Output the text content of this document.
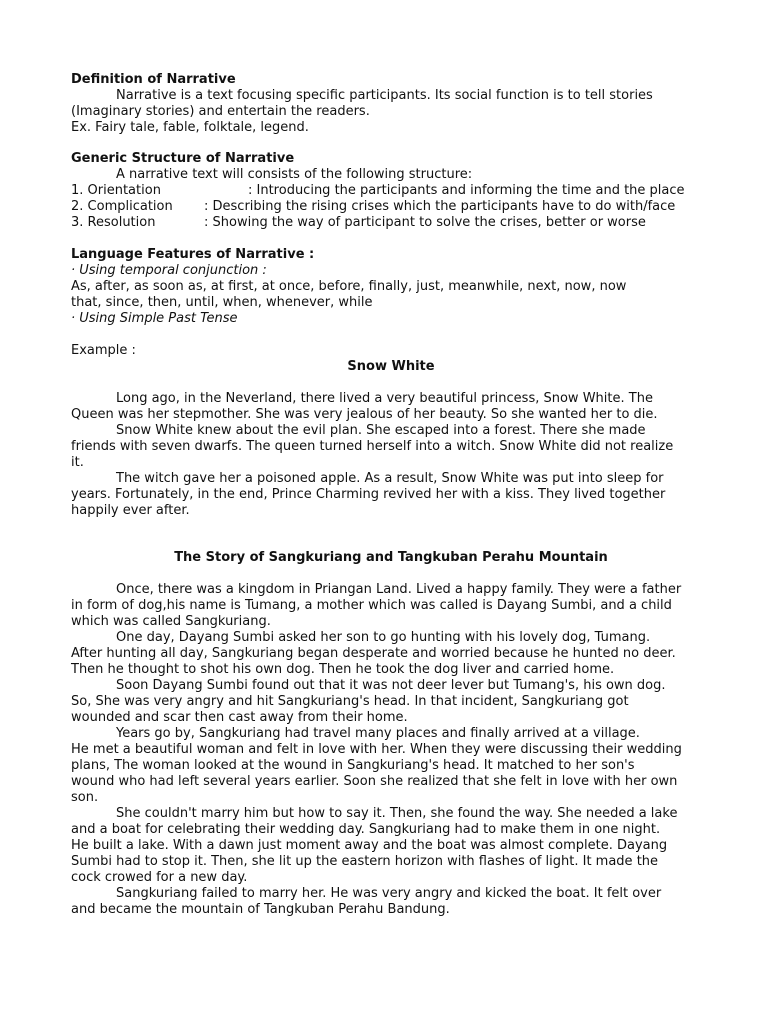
Definition of Narrative
Narrative is a text focusing specific participants. Its social function is to tell stories
(Imaginary stories) and entertain the readers.
Ex. Fairy tale, fable, folktale, legend.
Generic Structure of Narrative
A narrative text will consists of the following structure:
1. Orientation	: Introducing the participants and informing the time and the place
2. Complication : Describing the rising crises which the participants have to do with/face
3. Resolution	: Showing the way of participant to solve the crises, better or worse
Language Features of Narrative :
· Using temporal conjunction :
As, after, as soon as, at first, at once, before, finally, just, meanwhile, next, now, now
that, since, then, until, when, whenever, while
· Using Simple Past Tense
Example :
Snow White
Long ago, in the Neverland, there lived a very beautiful princess, Snow White. The
Queen was her stepmother. She was very jealous of her beauty. So she wanted her to die.
Snow White knew about the evil plan. She escaped into a forest. There she made
friends with seven dwarfs. The queen turned herself into a witch. Snow White did not realize
it.
The witch gave her a poisoned apple. As a result, Snow White was put into sleep for
years. Fortunately, in the end, Prince Charming revived her with a kiss. They lived together
happily ever after.
The Story of Sangkuriang and Tangkuban Perahu Mountain
Once, there was a kingdom in Priangan Land. Lived a happy family. They were a father
in form of dog,his name is Tumang, a mother which was called is Dayang Sumbi, and a child
which was called Sangkuriang.
One day, Dayang Sumbi asked her son to go hunting with his lovely dog, Tumang.
After hunting all day, Sangkuriang began desperate and worried because he hunted no deer.
Then he thought to shot his own dog. Then he took the dog liver and carried home.
Soon Dayang Sumbi found out that it was not deer lever but Tumang's, his own dog.
So, She was very angry and hit Sangkuriang's head. In that incident, Sangkuriang got
wounded and scar then cast away from their home.
Years go by, Sangkuriang had travel many places and finally arrived at a village.
He met a beautiful woman and felt in love with her. When they were discussing their wedding
plans, The woman looked at the wound in Sangkuriang's head. It matched to her son's
wound who had left several years earlier. Soon she realized that she felt in love with her own
son.
She couldn't marry him but how to say it. Then, she found the way. She needed a lake
and a boat for celebrating their wedding day. Sangkuriang had to make them in one night.
He built a lake. With a dawn just moment away and the boat was almost complete. Dayang
Sumbi had to stop it. Then, she lit up the eastern horizon with flashes of light. It made the
cock crowed for a new day.
Sangkuriang failed to marry her. He was very angry and kicked the boat. It felt over
and became the mountain of Tangkuban Perahu Bandung.
